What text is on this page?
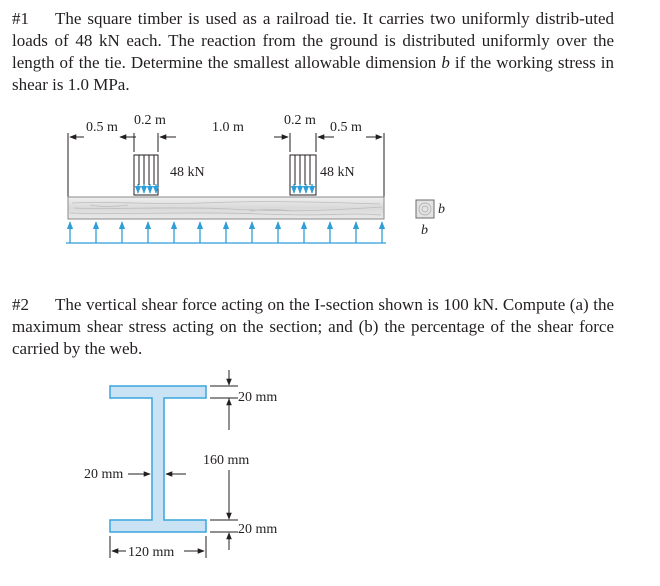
#1 The square timber is used as a railroad tie. It carries two uniformly distrib-uted loads of 48 kN each. The reaction from the ground is distributed uniformly over the length of the tie. Determine the smallest allowable dimension b if the working stress in shear is 1.0 MPa.

#2 The vertical shear force acting on the I-section shown is 100 kN. Compute (a) the maximum shear stress acting on the section; and (b) the percentage of the shear force carried by the web.

0.5 m 0.2 m	1.0 m	0.2 m 0.5 m
48 kN	48 kN
b
b
20 mm
160 mm
20 mm
20 mm
120 mm
